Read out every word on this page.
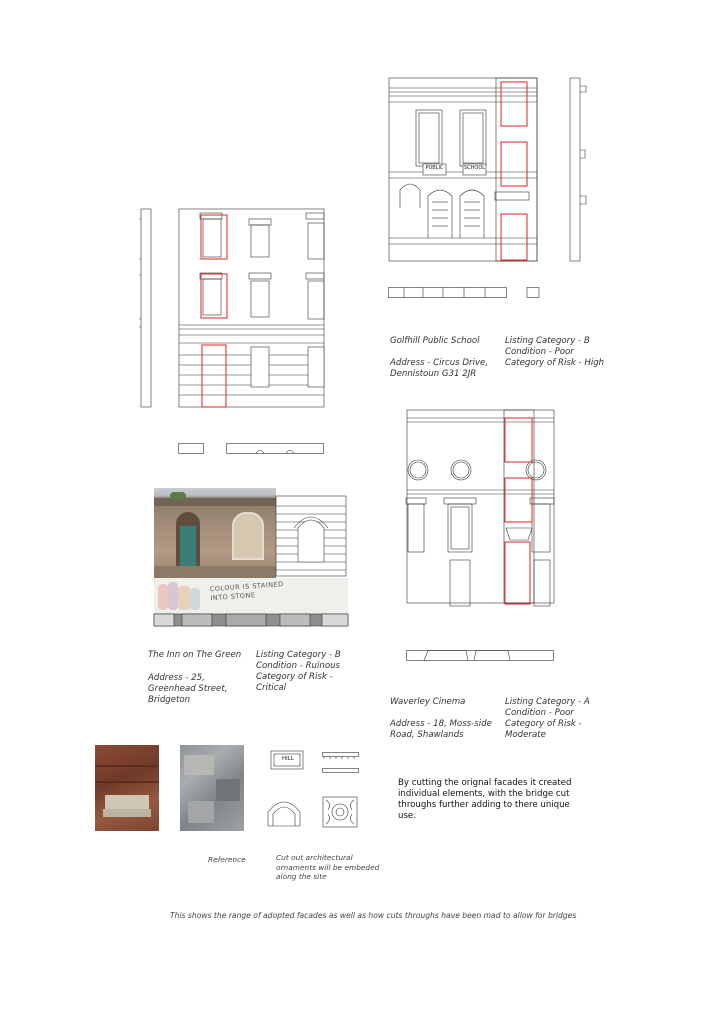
PUBLIC	SCHOOL
Golfhill Public School
Address - Circus Drive,
Dennistoun G31 2JR
Listing Category - B
Condition - Poor
Category of Risk - High
COLOUR IS STAINED
INTO STONE
The Inn on The Green
Address - 25,
Greenhead Street,
Bridgeton
Listing Category - B
Condition - Ruinous
Category of Risk -
Critical
Waverley Cinema
Address - 18, Moss-side
Road, Shawlands
Listing Category - A
Condition - Poor
Category of Risk -
Moderate
HILL
Reference	Cut out architectural
ornaments will be embeded
along the site
By cutting the orignal facades it created
individual elements, with the bridge cut
throughs further adding to there unique
use.
This shows the range of adopted facades as well as how cuts throughs have been mad to allow for bridges
